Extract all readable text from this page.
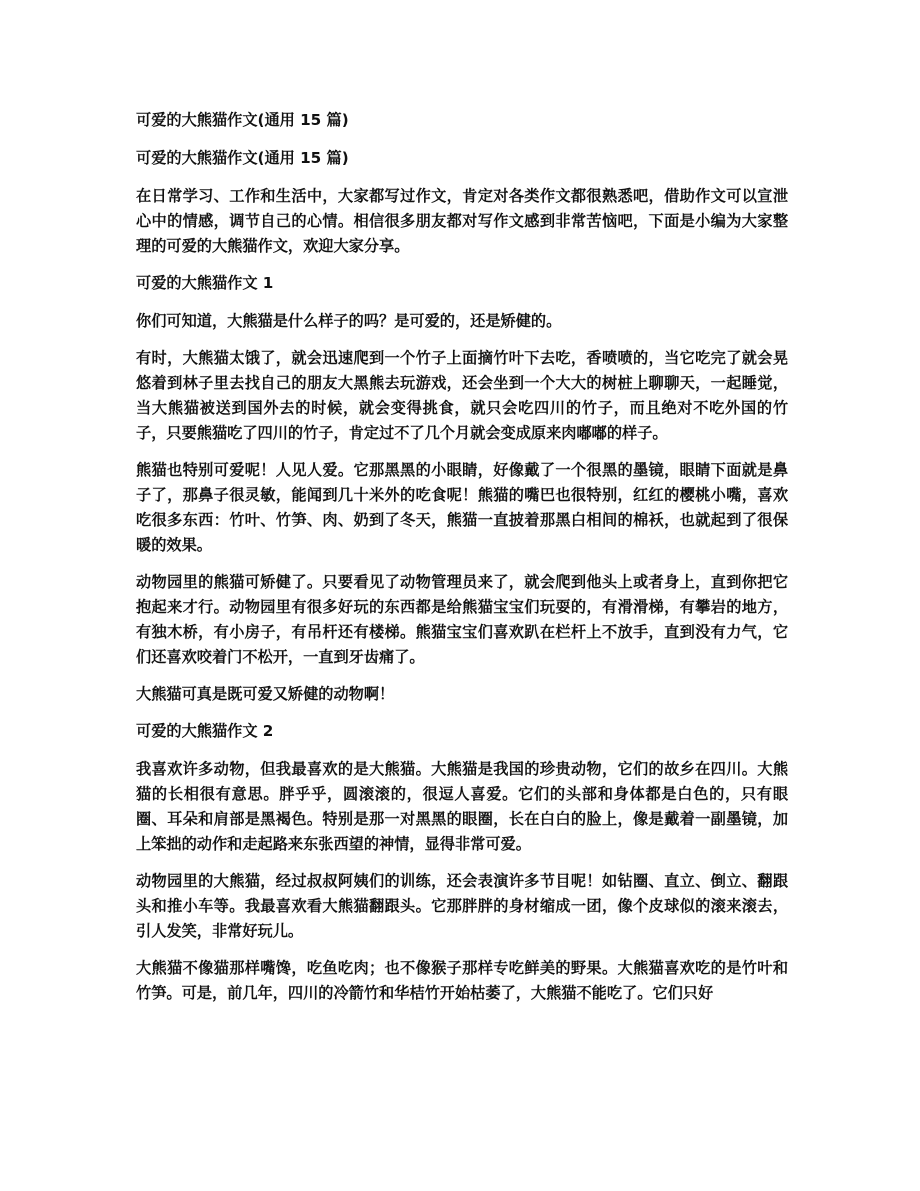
可爱的大熊猫作文(通用 15 篇)

可爱的大熊猫作文(通用 15 篇)

在日常学习、工作和生活中，大家都写过作文，肯定对各类作文都很熟悉吧，借助作文可以宣泄心中的情感，调节自己的心情。相信很多朋友都对写作文感到非常苦恼吧，下面是小编为大家整理的可爱的大熊猫作文，欢迎大家分享。

可爱的大熊猫作文 1

你们可知道，大熊猫是什么样子的吗？是可爱的，还是矫健的。

有时，大熊猫太饿了，就会迅速爬到一个竹子上面摘竹叶下去吃，香喷喷的，当它吃完了就会晃悠着到林子里去找自己的朋友大黑熊去玩游戏，还会坐到一个大大的树桩上聊聊天，一起睡觉，当大熊猫被送到国外去的时候，就会变得挑食，就只会吃四川的竹子，而且绝对不吃外国的竹子，只要熊猫吃了四川的竹子，肯定过不了几个月就会变成原来肉嘟嘟的样子。

熊猫也特别可爱呢！人见人爱。它那黑黑的小眼睛，好像戴了一个很黑的墨镜，眼睛下面就是鼻子了，那鼻子很灵敏，能闻到几十米外的吃食呢！熊猫的嘴巴也很特别，红红的樱桃小嘴，喜欢吃很多东西：竹叶、竹笋、肉、奶到了冬天，熊猫一直披着那黑白相间的棉袄，也就起到了很保暖的效果。

动物园里的熊猫可矫健了。只要看见了动物管理员来了，就会爬到他头上或者身上，直到你把它抱起来才行。动物园里有很多好玩的东西都是给熊猫宝宝们玩耍的，有滑滑梯，有攀岩的地方，有独木桥，有小房子，有吊杆还有楼梯。熊猫宝宝们喜欢趴在栏杆上不放手，直到没有力气，它们还喜欢咬着门不松开，一直到牙齿痛了。

大熊猫可真是既可爱又矫健的动物啊！

可爱的大熊猫作文 2

我喜欢许多动物，但我最喜欢的是大熊猫。大熊猫是我国的珍贵动物，它们的故乡在四川。大熊猫的长相很有意思。胖乎乎，圆滚滚的，很逗人喜爱。它们的头部和身体都是白色的，只有眼圈、耳朵和肩部是黑褐色。特别是那一对黑黑的眼圈，长在白白的脸上，像是戴着一副墨镜，加上笨拙的动作和走起路来东张西望的神情，显得非常可爱。

动物园里的大熊猫，经过叔叔阿姨们的训练，还会表演许多节目呢！如钻圈、直立、倒立、翻跟头和推小车等。我最喜欢看大熊猫翻跟头。它那胖胖的身材缩成一团，像个皮球似的滚来滚去，引人发笑，非常好玩儿。

大熊猫不像猫那样嘴馋，吃鱼吃肉；也不像猴子那样专吃鲜美的野果。大熊猫喜欢吃的是竹叶和竹笋。可是，前几年，四川的冷箭竹和华桔竹开始枯萎了，大熊猫不能吃了。它们只好
